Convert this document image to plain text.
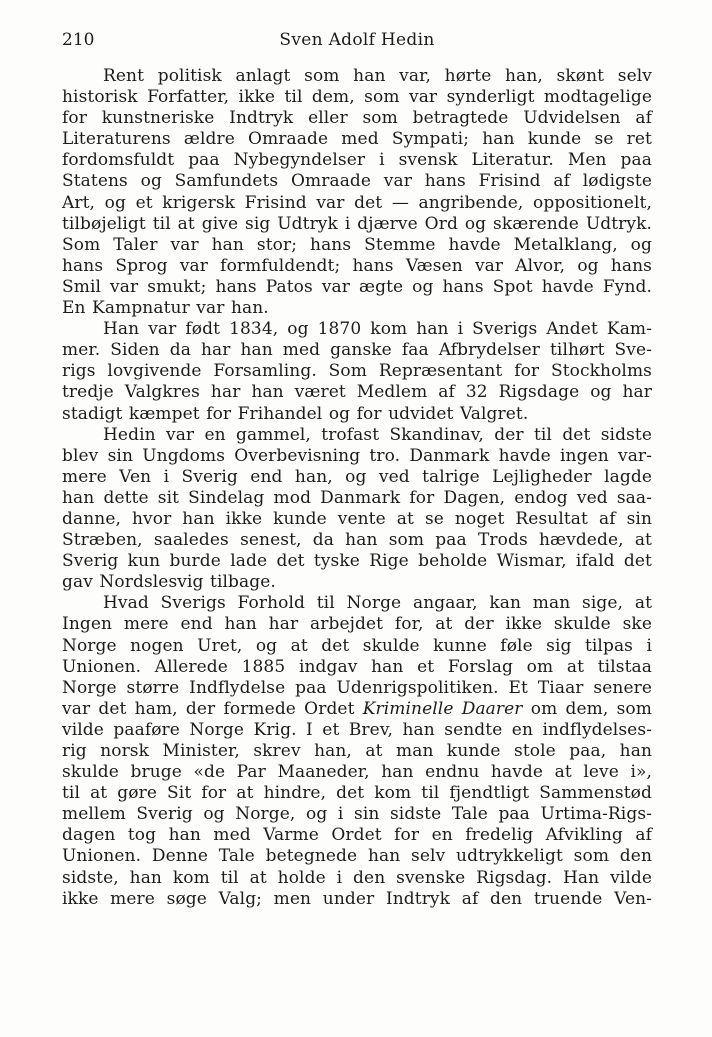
210	Sven Adolf Hedin
Rent politisk anlagt som han var, hørte han, skønt selv
historisk Forfatter, ikke til dem, som var synderligt modtagelige
for kunstneriske Indtryk eller som betragtede Udvidelsen af
Literaturens ældre Omraade med Sympati; han kunde se ret
fordomsfuldt paa Nybegyndelser i svensk Literatur. Men paa
Statens og Samfundets Omraade var hans Frisind af lødigste
Art, og et krigersk Frisind var det — angribende, oppositionelt,
tilbøjeligt til at give sig Udtryk i djærve Ord og skærende Udtryk.
Som Taler var han stor; hans Stemme havde Metalklang, og
hans Sprog var formfuldendt; hans Væsen var Alvor, og hans
Smil var smukt; hans Patos var ægte og hans Spot havde Fynd.
En Kampnatur var han.
Han var født 1834, og 1870 kom han i Sverigs Andet Kam-
mer. Siden da har han med ganske faa Afbrydelser tilhørt Sve-
rigs lovgivende Forsamling. Som Repræsentant for Stockholms
tredje Valgkres har han været Medlem af 32 Rigsdage og har
stadigt kæmpet for Frihandel og for udvidet Valgret.
Hedin var en gammel, trofast Skandinav, der til det sidste
blev sin Ungdoms Overbevisning tro. Danmark havde ingen var-
mere Ven i Sverig end han, og ved talrige Lejligheder lagde
han dette sit Sindelag mod Danmark for Dagen, endog ved saa-
danne, hvor han ikke kunde vente at se noget Resultat af sin
Stræben, saaledes senest, da han som paa Trods hævdede, at
Sverig kun burde lade det tyske Rige beholde Wismar, ifald det
gav Nordslesvig tilbage.
Hvad Sverigs Forhold til Norge angaar, kan man sige, at
Ingen mere end han har arbejdet for, at der ikke skulde ske
Norge nogen Uret, og at det skulde kunne føle sig tilpas i
Unionen. Allerede 1885 indgav han et Forslag om at tilstaa
Norge større Indflydelse paa Udenrigspolitiken. Et Tiaar senere
var det ham, der formede Ordet Kriminelle Daarer om dem, som
vilde paaføre Norge Krig. I et Brev, han sendte en indflydelses-
rig norsk Minister, skrev han, at man kunde stole paa, han
skulde bruge «de Par Maaneder, han endnu havde at leve i»,
til at gøre Sit for at hindre, det kom til fjendtligt Sammenstød
mellem Sverig og Norge, og i sin sidste Tale paa Urtima-Rigs-
dagen tog han med Varme Ordet for en fredelig Afvikling af
Unionen. Denne Tale betegnede han selv udtrykkeligt som den
sidste, han kom til at holde i den svenske Rigsdag. Han vilde
ikke mere søge Valg; men under Indtryk af den truende Ven-
